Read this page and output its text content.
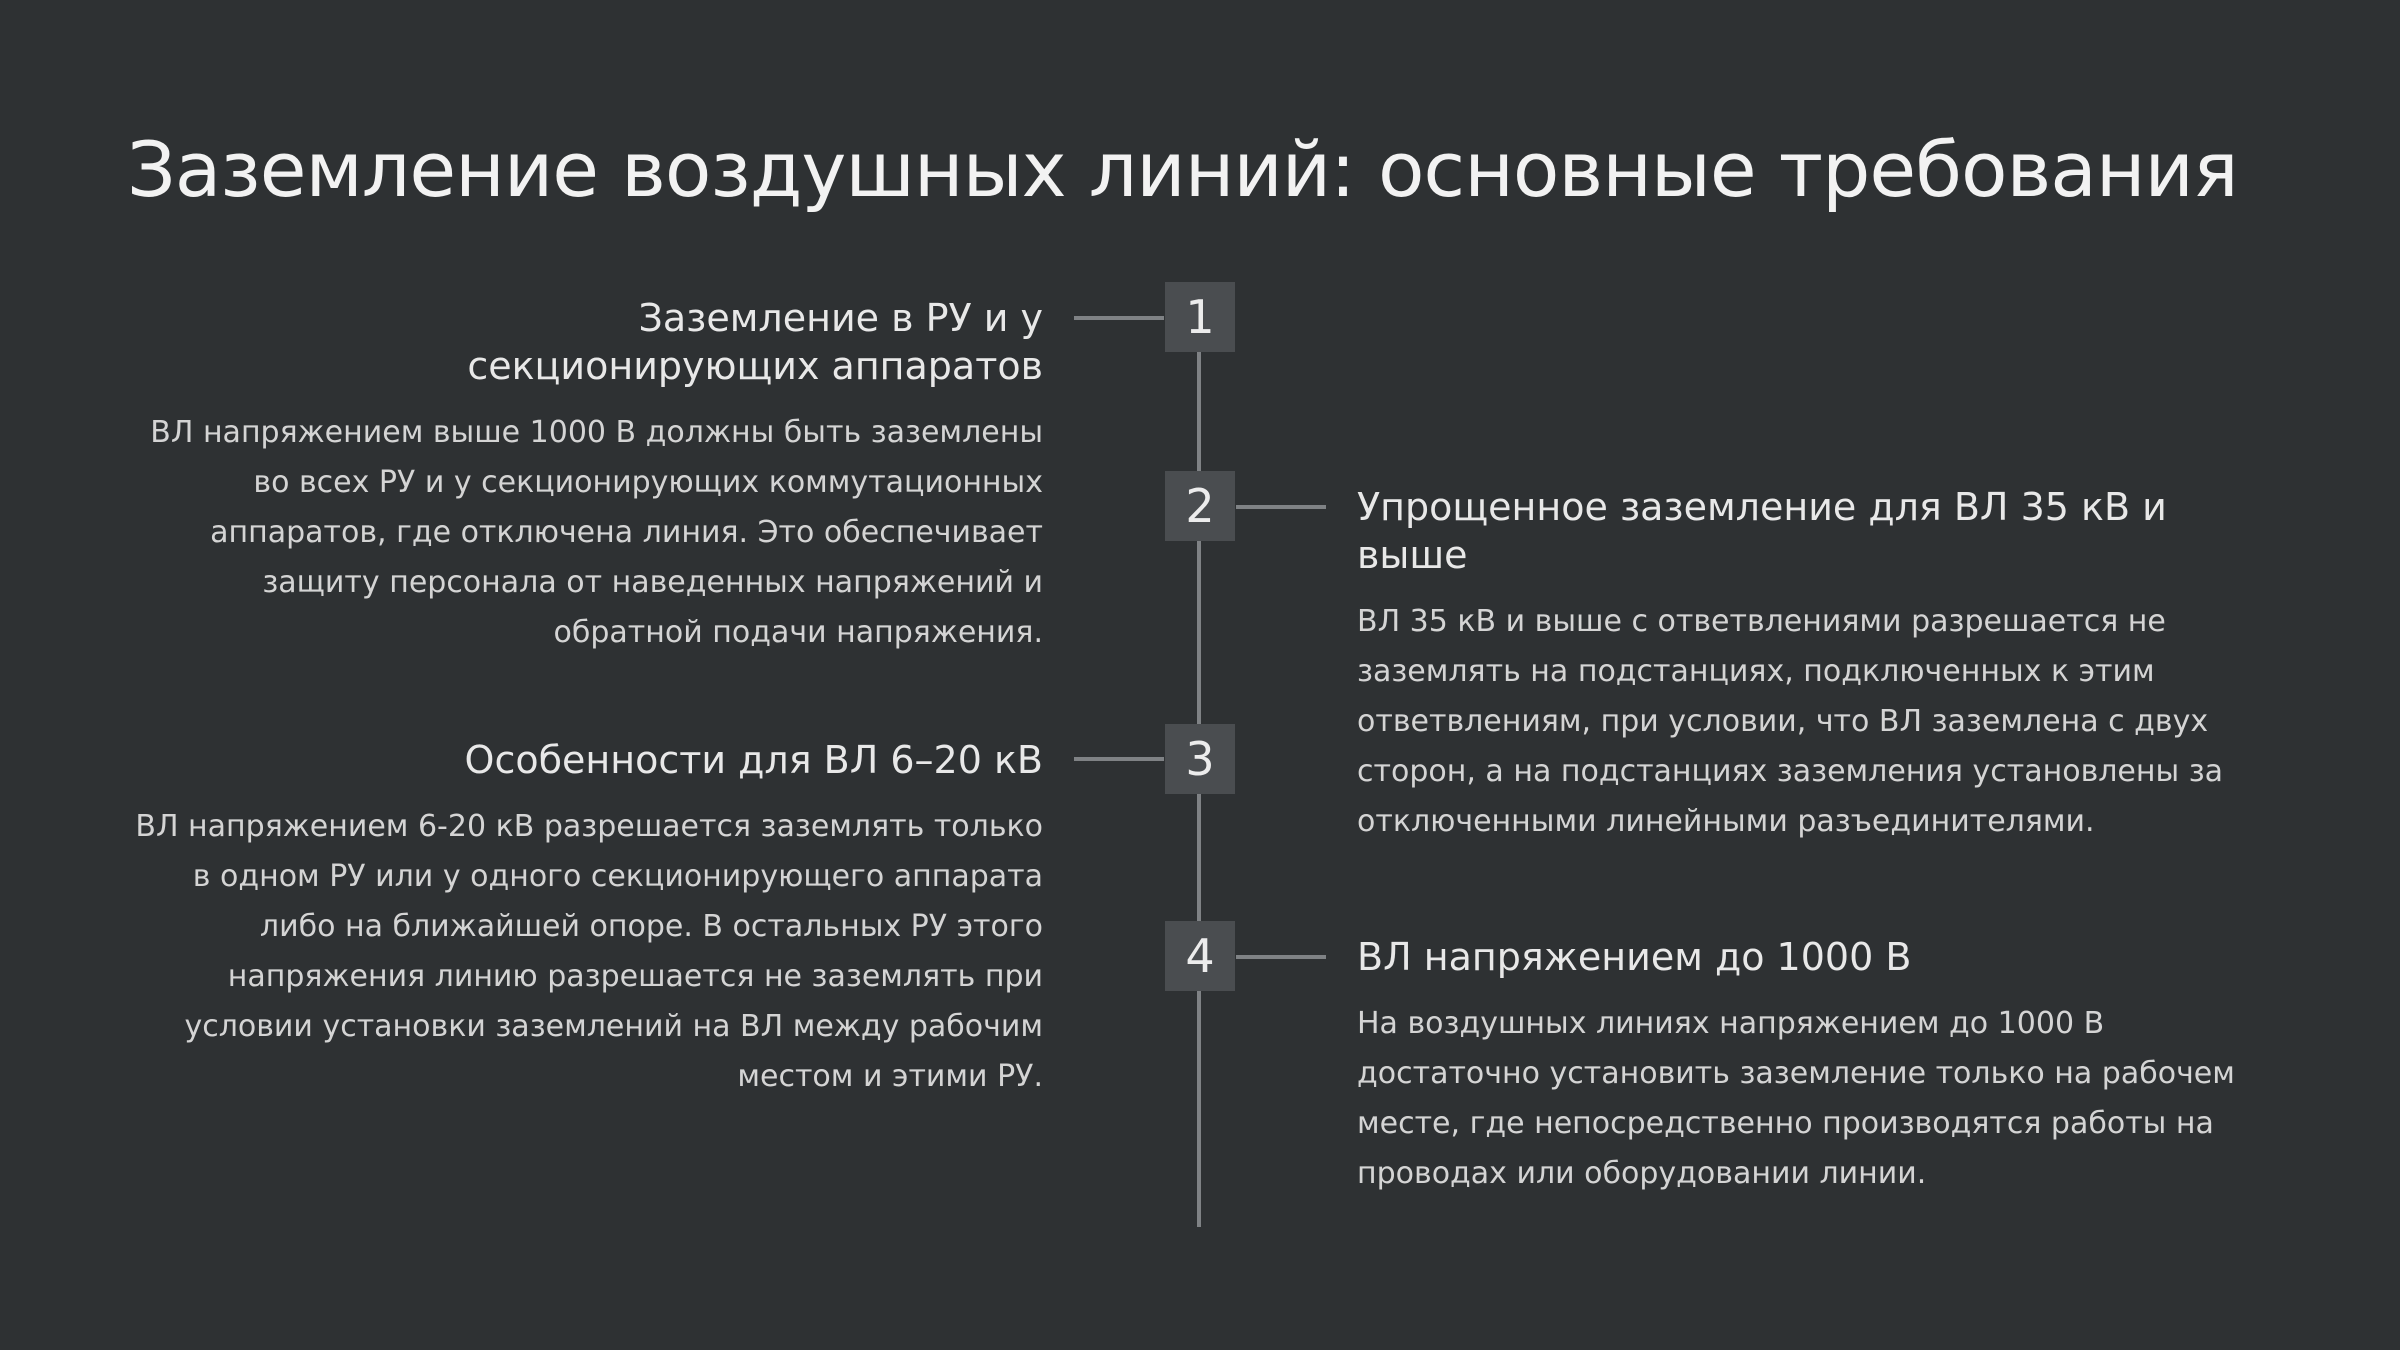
Заземление воздушных линий: основные требования
1
Заземление в РУ и у секционирующих аппаратов

ВЛ напряжением выше 1000 В должны быть заземлены во всех РУ и у секционирующих коммутационных аппаратов, где отключена линия. Это обеспечивает защиту персонала от наведенных напряжений и обратной подачи напряжения.

2	Упрощенное заземление для ВЛ 35 кВ и выше

ВЛ 35 кВ и выше с ответвлениями разрешается не заземлять на подстанциях, подключенных к этим ответвлениям, при условии, что ВЛ заземлена с двух сторон, а на подстанциях заземления установлены за отключенными линейными разъединителями.

3
Особенности для ВЛ 6–20 кВ

ВЛ напряжением 6-20 кВ разрешается заземлять только в одном РУ или у одного секционирующего аппарата либо на ближайшей опоре. В остальных РУ этого напряжения линию разрешается не заземлять при условии установки заземлений на ВЛ между рабочим местом и этими РУ.

4	ВЛ напряжением до 1000 В

На воздушных линиях напряжением до 1000 В достаточно установить заземление только на рабочем месте, где непосредственно производятся работы на проводах или оборудовании линии.
